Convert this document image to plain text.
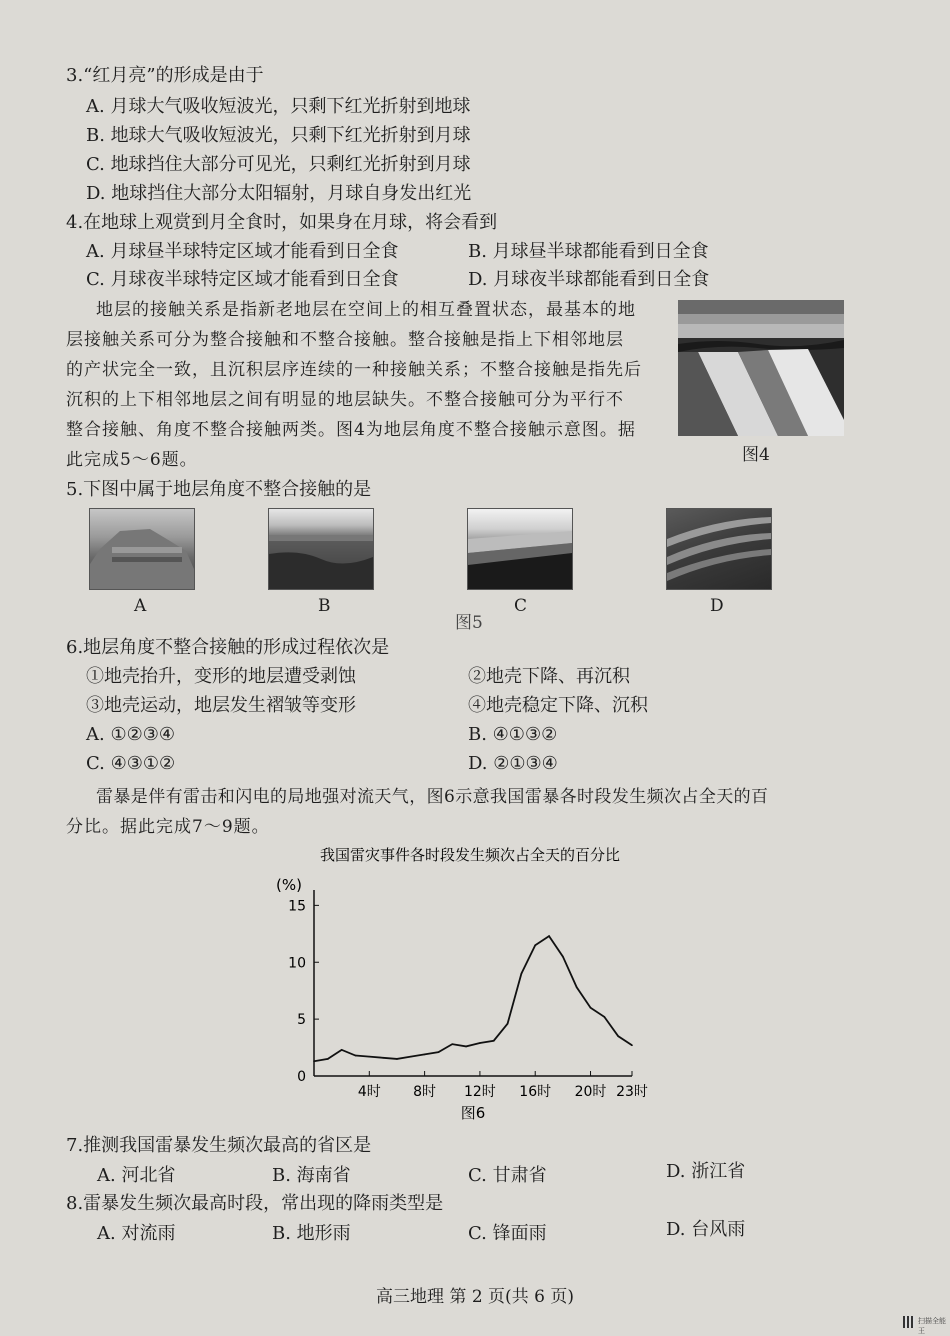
3.“红月亮”的形成是由于
A. 月球大气吸收短波光，只剩下红光折射到地球
B. 地球大气吸收短波光，只剩下红光折射到月球
C. 地球挡住大部分可见光，只剩红光折射到月球
D. 地球挡住大部分太阳辐射，月球自身发出红光
4.在地球上观赏到月全食时，如果身在月球，将会看到
A. 月球昼半球特定区域才能看到日全食	B. 月球昼半球都能看到日全食
C. 月球夜半球特定区域才能看到日全食	D. 月球夜半球都能看到日全食
地层的接触关系是指新老地层在空间上的相互叠置状态，最基本的地
层接触关系可分为整合接触和不整合接触。整合接触是指上下相邻地层
的产状完全一致，且沉积层序连续的一种接触关系；不整合接触是指先后
沉积的上下相邻地层之间有明显的地层缺失。不整合接触可分为平行不
整合接触、角度不整合接触两类。图4为地层角度不整合接触示意图。据
此完成5～6题。	图4
5.下图中属于地层角度不整合接触的是
A	B
图5
C	D
6.地层角度不整合接触的形成过程依次是
①地壳抬升，变形的地层遭受剥蚀	②地壳下降、再沉积
③地壳运动，地层发生褶皱等变形	④地壳稳定下降、沉积
A. ①②③④	B. ④①③②
C. ④③①②	D. ②①③④
雷暴是伴有雷击和闪电的局地强对流天气，图6示意我国雷暴各时段发生频次占全天的百
分比。据此完成7～9题。
我国雷灾事件各时段发生频次占全天的百分比
(%)
0
5
10
15
4时 8时 12时 16时 20时 23时
图6
7.推测我国雷暴发生频次最高的省区是
A. 河北省	B. 海南省	C. 甘肃省	D. 浙江省
8.雷暴发生频次最高时段，常出现的降雨类型是
A. 对流雨	B. 地形雨	C. 锋面雨	D. 台风雨
高三地理 第 2 页(共 6 页)
扫描全能王
